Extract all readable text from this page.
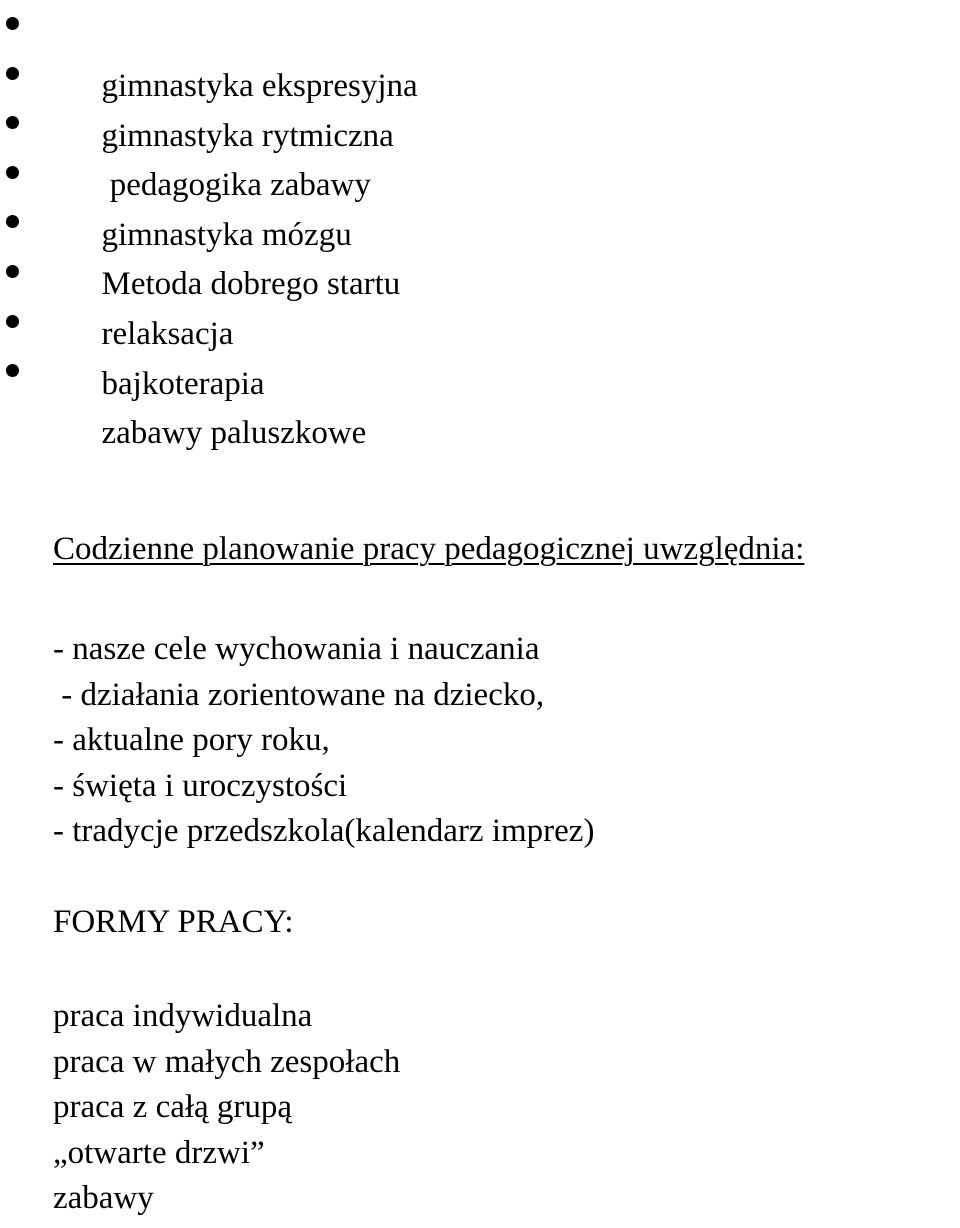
gimnastyka ekspresyjna

gimnastyka rytmiczna

pedagogika zabawy

gimnastyka mózgu

Metoda dobrego startu

relaksacja

bajkoterapia

zabawy paluszkowe

Codzienne planowanie pracy pedagogicznej uwzględnia:
- nasze cele wychowania i nauczania
- działania zorientowane na dziecko,
- aktualne pory roku,
- święta i uroczystości
- tradycje przedszkola(kalendarz imprez)
FORMY PRACY:
praca indywidualna
praca w małych zespołach
praca z całą grupą
„otwarte drzwi”
zabawy
